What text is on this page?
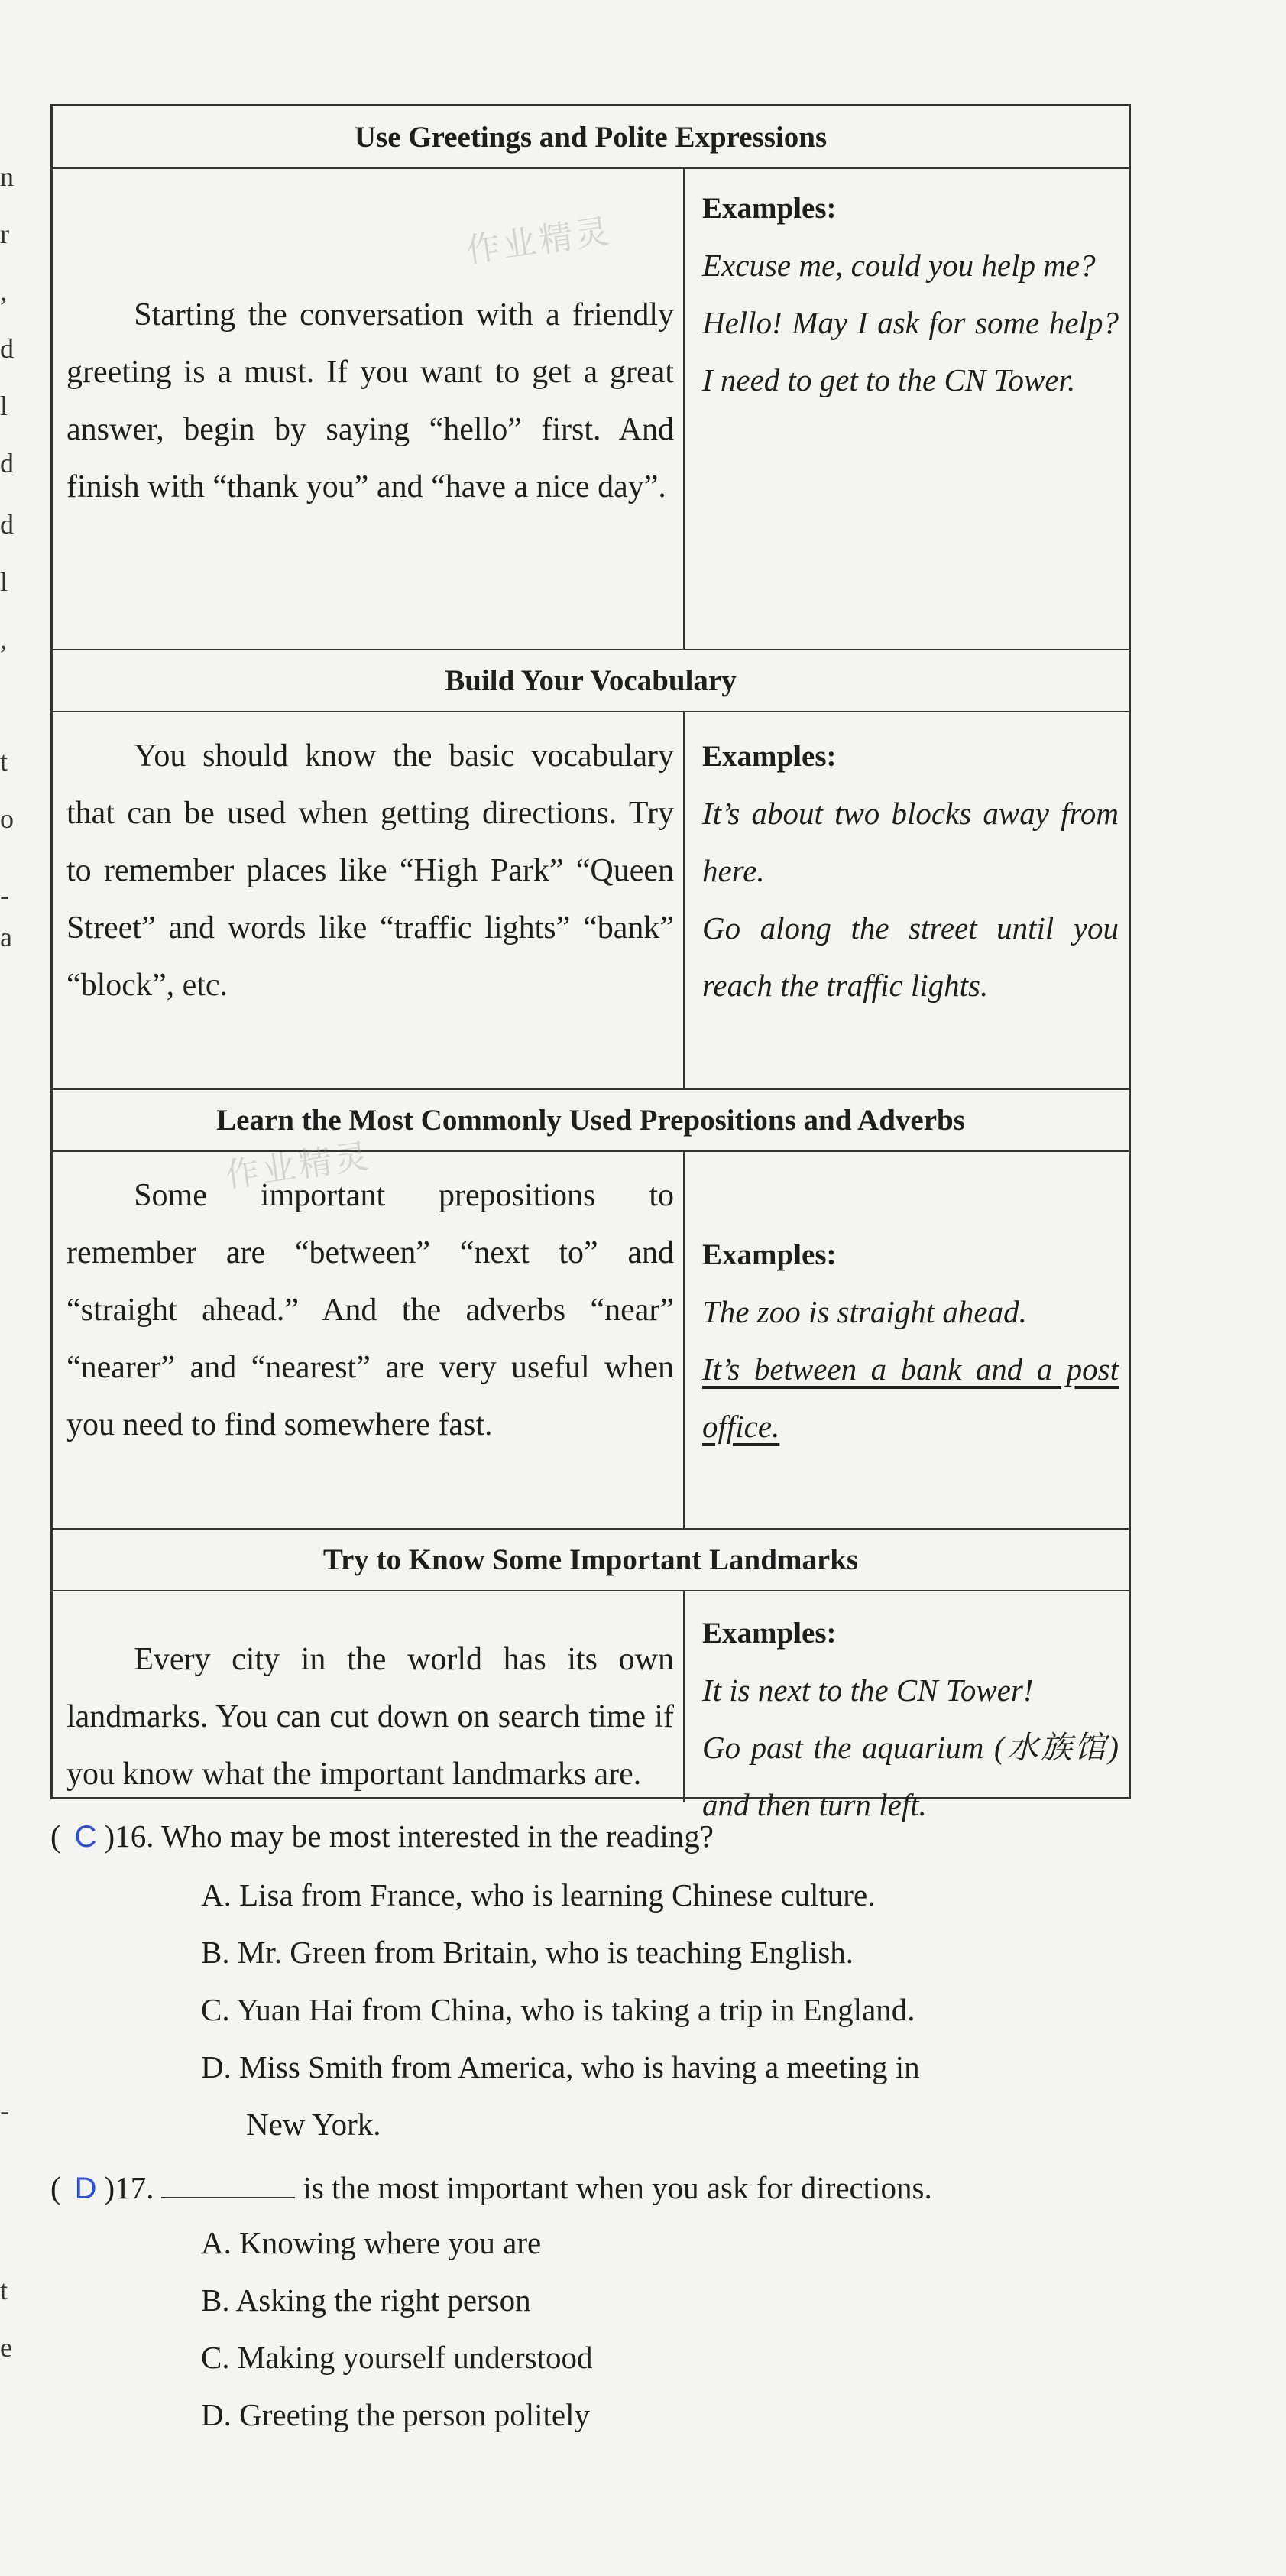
n
r
,
d
l
d
d
l
,
t
o
-
a
-
t
e
Use Greetings and Polite Expressions

Starting the conversation with a friendly greeting is a must. If you want to get a great answer, begin by saying “hello” first. And finish with “thank you” and “have a nice day”.

Examples:
Excuse me, could you help me?
Hello! May I ask for some help? I need to get to the CN Tower.
Build Your Vocabulary

You should know the basic vocabulary that can be used when getting directions. Try to remember places like “High Park” “Queen Street” and words like “traffic lights” “bank” “block”, etc.

Examples:
It’s about two blocks away from here.
Go along the street until you reach the traffic lights.
Learn the Most Commonly Used Prepositions and Adverbs

Some important prepositions to remember are “between” “next to” and “straight ahead.” And the adverbs “near” “nearer” and “nearest” are very useful when you need to find somewhere fast.

Examples:
The zoo is straight ahead.
It’s between a bank and a post office.
Try to Know Some Important Landmarks

Every city in the world has its own landmarks. You can cut down on search time if you know what the important landmarks are.

Examples:
It is next to the CN Tower!
Go past the aquarium (水族馆) and then turn left.
作业精灵
作业精灵
( C )16. Who may be most interested in the reading?
A. Lisa from France, who is learning Chinese culture.
B. Mr. Green from Britain, who is teaching English.
C. Yuan Hai from China, who is taking a trip in England.
D. Miss Smith from America, who is having a meeting in
New York.
( D )17.	is the most important when you ask for directions.
A. Knowing where you are
B. Asking the right person
C. Making yourself understood
D. Greeting the person politely
